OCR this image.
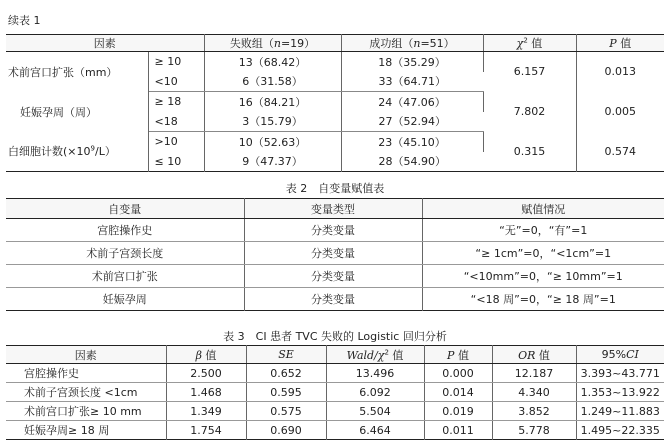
续表 1
因素		失败组（n=19）	成功组（n=51）	$\chi^2$ 值	P 值
术前宫口扩张（mm）	≥ 10	13（68.42）	18（35.29）	6.157	0.013
	<10	6（31.58）	33（64.71）		
妊娠孕周（周）	≥ 18	16（84.21）	24（47.06）	7.802	0.005
	<18	3（15.79）	27（52.94）		
白细胞计数$(\times 10^9/L)$	>10	10（52.63）	23（45.10）	0.315	0.574
	≤ 10	9（47.37）	28（54.90）		
表 2　自变量赋值表
自变量	变量类型	赋值情况
宫腔操作史	分类变量	“无”=0，“有”=1
术前子宫颈长度	分类变量	“≥ 1cm”=0，“<1cm”=1
术前宫口扩张	分类变量	“<10mm”=0，“≥ 10mm”=1
妊娠孕周	分类变量	“<18 周”=0，“≥ 18 周”=1
表 3　CI 患者 TVC 失败的 Logistic 回归分析
因素	β 值	SE	Wald/$\chi^2$ 值	P 值	OR 值	95%CI
宫腔操作史	2.500	0.652	13.496	0.000	12.187	3.393~43.771
术前子宫颈长度 <1cm	1.468	0.595	6.092	0.014	4.340	1.353~13.922
术前宫口扩张≥ 10 mm	1.349	0.575	5.504	0.019	3.852	1.249~11.883
妊娠孕周≥ 18 周	1.754	0.690	6.464	0.011	5.778	1.495~22.335
